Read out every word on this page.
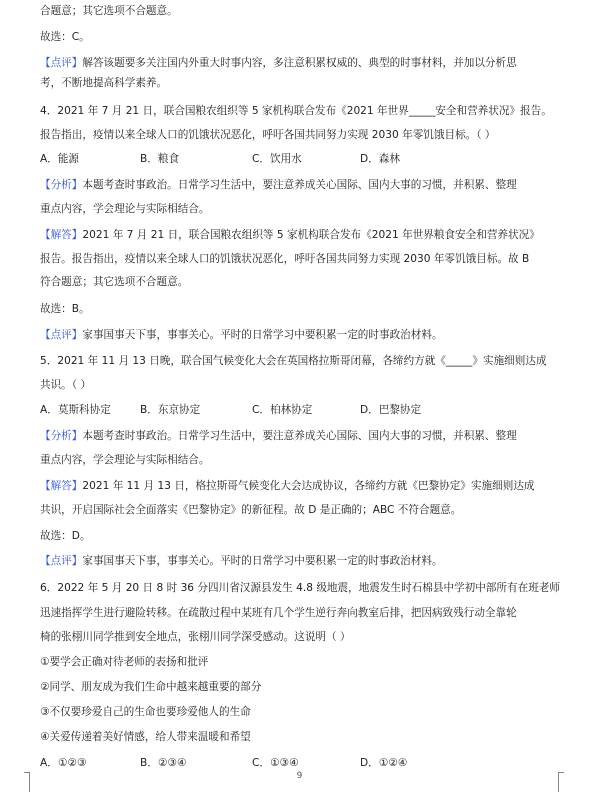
合题意；其它选项不合题意。
故选：C。
【点评】解答该题要多关注国内外重大时事内容，多注意积累权威的、典型的时事材料，并加以分析思
考，不断地提高科学素养。
4．2021 年 7 月 21 日，联合国粮农组织等 5 家机构联合发布《2021 年世界_____安全和营养状况》报告。
报告指出，疫情以来全球人口的饥饿状况恶化，呼吁各国共同努力实现 2030 年零饥饿目标。（ ）
A．能源	B．粮食	C．饮用水	D．森林
【分析】本题考查时事政治。日常学习生活中，要注意养成关心国际、国内大事的习惯，并积累、整理
重点内容，学会理论与实际相结合。
【解答】2021 年 7 月 21 日，联合国粮农组织等 5 家机构联合发布《2021 年世界粮食安全和营养状况》
报告。报告指出，疫情以来全球人口的饥饿状况恶化，呼吁各国共同努力实现 2030 年零饥饿目标。故 B
符合题意；其它选项不合题意。
故选：B。
【点评】家事国事天下事，事事关心。平时的日常学习中要积累一定的时事政治材料。
5．2021 年 11 月 13 日晚，联合国气候变化大会在英国格拉斯哥闭幕，各缔约方就《_____》实施细则达成
共识。（ ）
A．莫斯科协定	B．东京协定	C．柏林协定	D．巴黎协定
【分析】本题考查时事政治。日常学习生活中，要注意养成关心国际、国内大事的习惯，并积累、整理
重点内容，学会理论与实际相结合。
【解答】2021 年 11 月 13 日，格拉斯哥气候变化大会达成协议，各缔约方就《巴黎协定》实施细则达成
共识，开启国际社会全面落实《巴黎协定》的新征程。故 D 是正确的；ABC 不符合题意。
故选：D。
【点评】家事国事天下事，事事关心。平时的日常学习中要积累一定的时事政治材料。
6．2022 年 5 月 20 日 8 时 36 分四川省汉源县发生 4.8 级地震，地震发生时石棉县中学初中部所有在班老师
迅速指挥学生进行避险转移。在疏散过程中某班有几个学生逆行奔向教室后排，把因病致残行动全靠轮
椅的张栩川同学推到安全地点，张栩川同学深受感动。这说明（ ）
①要学会正确对待老师的表扬和批评
②同学、朋友成为我们生命中越来越重要的部分
③不仅要珍爱自己的生命也要珍爱他人的生命
④关爱传递着美好情感，给人带来温暖和希望
A．①②③	B．②③④	C．①③④	D．①②④
9
